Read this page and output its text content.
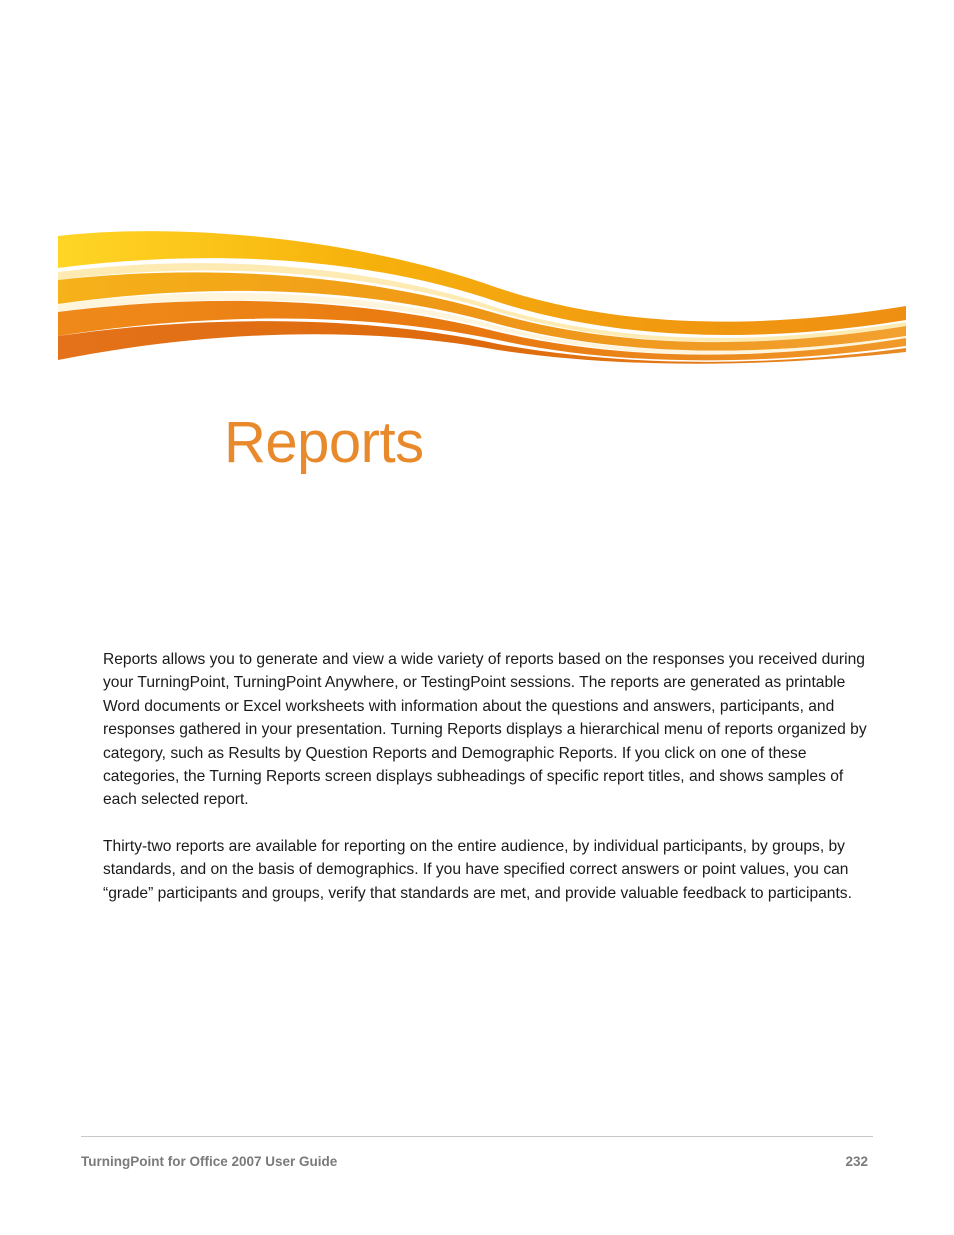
Reports

Reports allows you to generate and view a wide variety of reports based on the responses you received during your TurningPoint, TurningPoint Anywhere, or TestingPoint sessions. The reports are generated as printable Word documents or Excel worksheets with information about the questions and answers, participants, and responses gathered in your presentation. Turning Reports displays a hierarchical menu of reports organized by category, such as Results by Question Reports and Demographic Reports. If you click on one of these categories, the Turning Reports screen displays subheadings of specific report titles, and shows samples of each selected report.

Thirty-two reports are available for reporting on the entire audience, by individual participants, by groups, by standards, and on the basis of demographics. If you have specified correct answers or point values, you can “grade” participants and groups, verify that standards are met, and provide valuable feedback to participants.

TurningPoint for Office 2007 User Guide	232
